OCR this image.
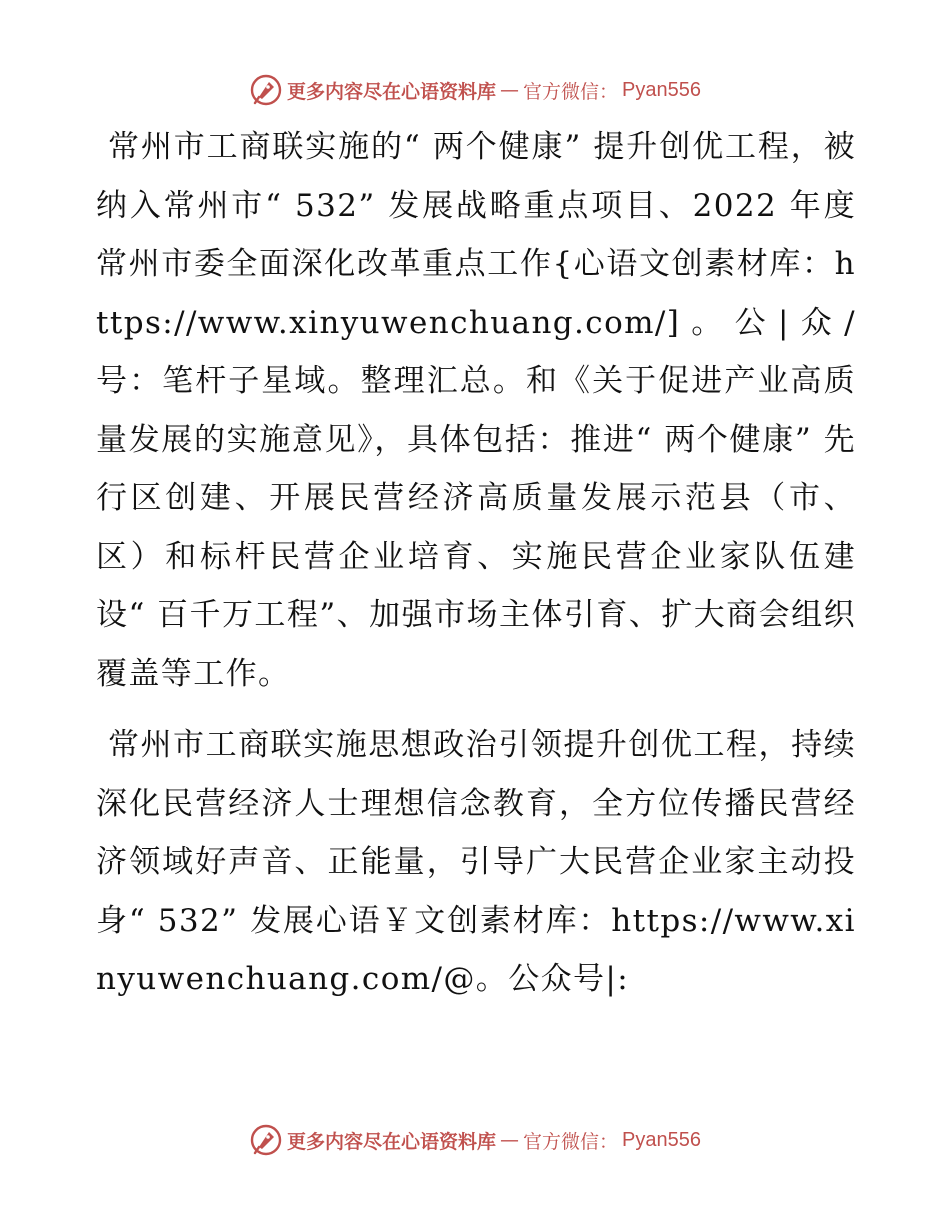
更多内容尽在心语资料库 — 官方微信： Pyan556

常州市工商联实施的“ 两个健康” 提升创优工程，被纳入常州市“ 532” 发展战略重点项目、2022 年度常州市委全面深化改革重点工作{心语文创素材库：https://www.xinyuwenchuang.com/]。公|众/号：笔杆子星域。整理汇总。和《关于促进产业高质量发展的实施意见》，具体包括：推进“ 两个健康” 先行区创建、开展民营经济高质量发展示范县（市、区）和标杆民营企业培育、实施民营企业家队伍建设“ 百千万工程”、加强市场主体引育、扩大商会组织覆盖等工作。

常州市工商联实施思想政治引领提升创优工程，持续深化民营经济人士理想信念教育，全方位传播民营经济领域好声音、正能量，引导广大民营企业家主动投身“ 532” 发展心语￥文创素材库：https://www.xinyuwenchuang.com/@。公众号|:

更多内容尽在心语资料库 — 官方微信： Pyan556
